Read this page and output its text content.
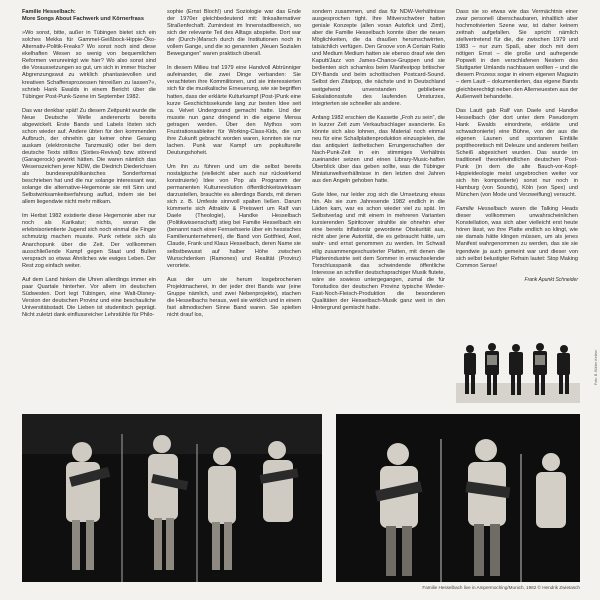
Familie Hesselbach:
More Songs About Fachwerk und Körnerfrass

»Wo sonst, bitte, außer in Tübingen bietet sich ein solches Mekka für Gammel-Geißbock-Hippie-Öko-Alternativ-Politik-Freaks? Wo sonst noch sind diese ekelhaften Wesen so wenig von bequemlichen Reformen verunreinigt wie hier? Wo also sonst sind die Voraussetzungen so gut, um sich in immer frischer Abgrenzungswut zu wirklich phantasievollen und kreativen Schaffensprozessen hinreißen zu lassen?«, schrieb Hank Ewalds in einem Bericht über die Tübinger Post-Punk-Szene im September 1982.

Das war denkbar spät! Zu diesem Zeitpunkt wurde die Neue Deutsche Welle anderenorts bereits abgewickelt. Erste Bands und Labels lösten sich schon wieder auf. Andere übten für den kommenden Aufbruch, der ohnehin gar keiner ohne Gesang auskam (elektronische Tanzmusik) oder bei dem deutsche Texts stilllos (Sixties-Revival) bzw. störend (Garagerock) gewirkt hätten. Die waren nämlich das Wesenszeichen jener NDW, die Diedrich Diederichsen als bundesrepublikanisches Sonderformat beschrieben hat und die nur solange interessant war, solange die alternative-Hegemonie sie mit Sinn und Selbstwirksamkeitserfahrung auflud, indem sie bei allem liegendwie nicht mehr mitkam.

Im Herbst 1982 existierte diese Hegemonie aber nur noch als Karikatur; nichts, woran die erlebnisorientierte Jugend sich noch einmal die Finger schmutzig machen musste. Punk rettete sich als Anarchopunk über die Zeit. Der vollkommen ausschließende Kampf gegen Staat und Bullen versprach so etwas Ähnliches wie ewiges Leben. Der Rest zog einfach weiter.

Auf dem Land hinken die Uhren allerdings immer ein paar Quartale hinterher. Vor allem im deutschen Südwesten. Dort legt Tübingen, eine Walt-Disney-Version der deutschen Provinz und eine beschauliche Universitätsstadt. Die Lieben ist studentisch geprägt. Nicht zuletzt dank einflussreicher Lehrstühle für Philo-

sophie (Ernst Bloch!) und Soziologie war das Ende der 1970er gleichbedeutend mit: linksalternativer Straßenfechaft. Zumindest im Innenstadtbereich, wo sich der relevante Teil des Alltags abspielte. Dort war der (Durch-)Marsch durch die Institutionen noch in vollem Gange, und die so genannten „Neuen Sozialen Bewegungen“ waren praktisch überall.

In diesem Milieu traf 1979 eine Handvoll Abtrünniger aufeinander, die zwei Dinge verbanden: Sie verachteten ihre Kommilitonen, und sie interessierten sich für die musikalische Erneuerung, wie sie begriffen hatten, dass der erklärte Kulturkampf (Post-)Punk eine kurze Geschichtssekunde lang zur besten Idee seit ca. Velvet Underground gemacht hatte. Und der musste nun ganz dringend in die eigene Mensa getragen werden. Über den Mythos vom Frustrationsableiter für Working-Class-Kids, die um ihre Zukunft gebracht worden waren, konnten sie nur lachen. Punk war Kampf um popkulturelle Deutungshoheit.

Um ihn zu führen und um die selbst bereits nostalgische (vielleicht aber auch nur rückwirkend konstruierte) Idee von Pop als Programm der permanenten Kulturrevolution öffentlichkeitswirksam darzustellen, brauchte es allerdings Bands, mit denen sich z. B. Umfeste sinnvoll spalten ließen. Darum kümmerte sich Attraktiv & Preiswert um Ralf van Daele (Theologie), Handke Hesselbach (Politikwissenschaft) stieg bei Familie Hesselbach ein (benannt nach einer Fernsehserie über ein hessisches Familienunternehmen), die Band von Gottfried, Axel, Claude, Frank und Klaus Hesselbach, deren Name sie selbstbewusst auf halber Höhe zwischen Wunschdenken (Ramones) und Realität (Provinz) verortete.

Aus der um sie herum losgebrochenen Projektmacherei, in der jeder drei Bands war (eine Gruppe nämlich, und zwei Nebenprojekte), stachen die Hesselbachs heraus, weil sie wirklich und in einem fast altmodischen Sinne Band waren. Sie spielten nicht drauf los,

sondern zusammen, und das für NDW-Verhältnisse ausgesprochen tight. Ihre Mitverschwörer hatten geniale Konzepte (allen voran Autofick und Zimt), aber die Familie Hesselbach konnte über die neuen Möglichkeiten, die da draußen herumschwirrten, tatsächlich verfügen. Den Groove von A Certain Ratio und Medium Medium hatten sie ebenso drauf wie den Kaputt/Jazz von James-Chance-Gruppen und sie bedienten sich schamlos beim Manifestpop britischer DIY-Bands und beim schottischen Postcard-Sound. Selbst den Zitatpop, die nächste und in Deutschland weitgehend unverstanden gebliebene Eskalationsstufe des laufenden Umsturzes, integrierten sie schneller als andere.

Anfang 1982 erschien die Kassette „Froh zu sein“, die in kurzer Zeit zum Verkaufsschlager avancierte. Es könnte sich also lohnen, das Material noch einmal neu für eine Schallplattenproduktion einzuspielen, die das antiquiert ästhetischen Errungenschaften der Nach-Punk-Zeit in ein stimmiges Verhältnis zueinander setzen und einen Library-Music-haften Überblick über das geben sollte, was die Tübinger Miniaturweltverhältnisse in den letzten drei Jahren aus den Angeln gehoben hatte.

Gute Idee, nur leider zog sich die Umsetzung etwas hin. Als sie zum Jahresende 1982 endlich in die Läden kam, war es schon wieder viel zu spät. Im Selbstverlag und mit einem in mehreren Varianten kursierenden Spiritcover strahlte sie ohnehin eher eine bereits inflationär gewordene Obskurität aus, nicht aber jene Autorität, die es gebraucht hätte, um wahr- und ernst genommen zu werden. Im Schwall eilig zusammengeschusterter Platten, mit denen die Plattenindustrie seit dem Sommer in erwachselender Torschlusspanik das schwindende öffentliche Interesse an schriller deutschsprachiger Musik flutete, wäre sie sowieso untergegangen, zumal die für Tonstudios der deutschen Provinz typische Wieder-Fast-Noch-Fleisch-Produktion die besonderen Qualitäten der Hesselbach-Musik ganz weit in den Hintergrund gemischt hatte.

Dass sie so etwas wie das Vermächtnis einer zwar personell überschaubaren, inhaltlich aber hochmotivierten Szene war, ist daher keinem zeitnah aufgefallen. Sie spricht nämlich stellvertretend für die, die zwischen 1979 und 1983 – nur zum Spaß, aber doch mit dem nötigen Ernst – die große und aufregende Popwelt in den verschlafenen Nestern des Stuttgarter Umlands nachbauen wollten – und die diesem Prozess sogar in einem eigenen Magazin – dem Lautt – dokumentierten, das eigene Bands gleichberechtigt neben den Allerneuesten aus der Außenwelt behandelte.

Das Lautt gab Ralf van Daele und Handke Hesselbach (der dort unter dem Pseudonym Hank Ewalds einordnete, erklärte und schwadronierte) eine Bühne, von der aus die eigenen Launen und spontanen Einfälle popttheoretisch mit Deleuze und anderem heißen Scheiß abgesichert wurden. Das wurde im traditionell theoriefeindlichen deutschen Post-Punk (in dem die alte Bauch-vor-Kopf-Hippieideologie meist ungebrochen weiter vor sich hin kompostierte) sonst nur noch in Hamburg (von Sounds), Köln (von Spex) und München (von Mode und Verzweiflung) versucht.

Familie Hesselbach waren die Talking Heads dieser vollkommen unwahrscheinlichen Konstellation, was sich aber vielleicht erst heute hören lässt, wo ihre Platte endlich so klingt, wie sie damals hätte klingen müssen, um als jenes Manifest wahrgenommen zu werden, das sie sie irgendwie ja auch gemeint war und dieser von sich selbst belustigter Refrain lautet: Stop Making Common Sense!

Frank Apunkt Schneider
Foto: B. Bühler-Kellner
Familie Hesselbach live in Ampermoching/Munich, 1982 © Hendrik Zwietasch
